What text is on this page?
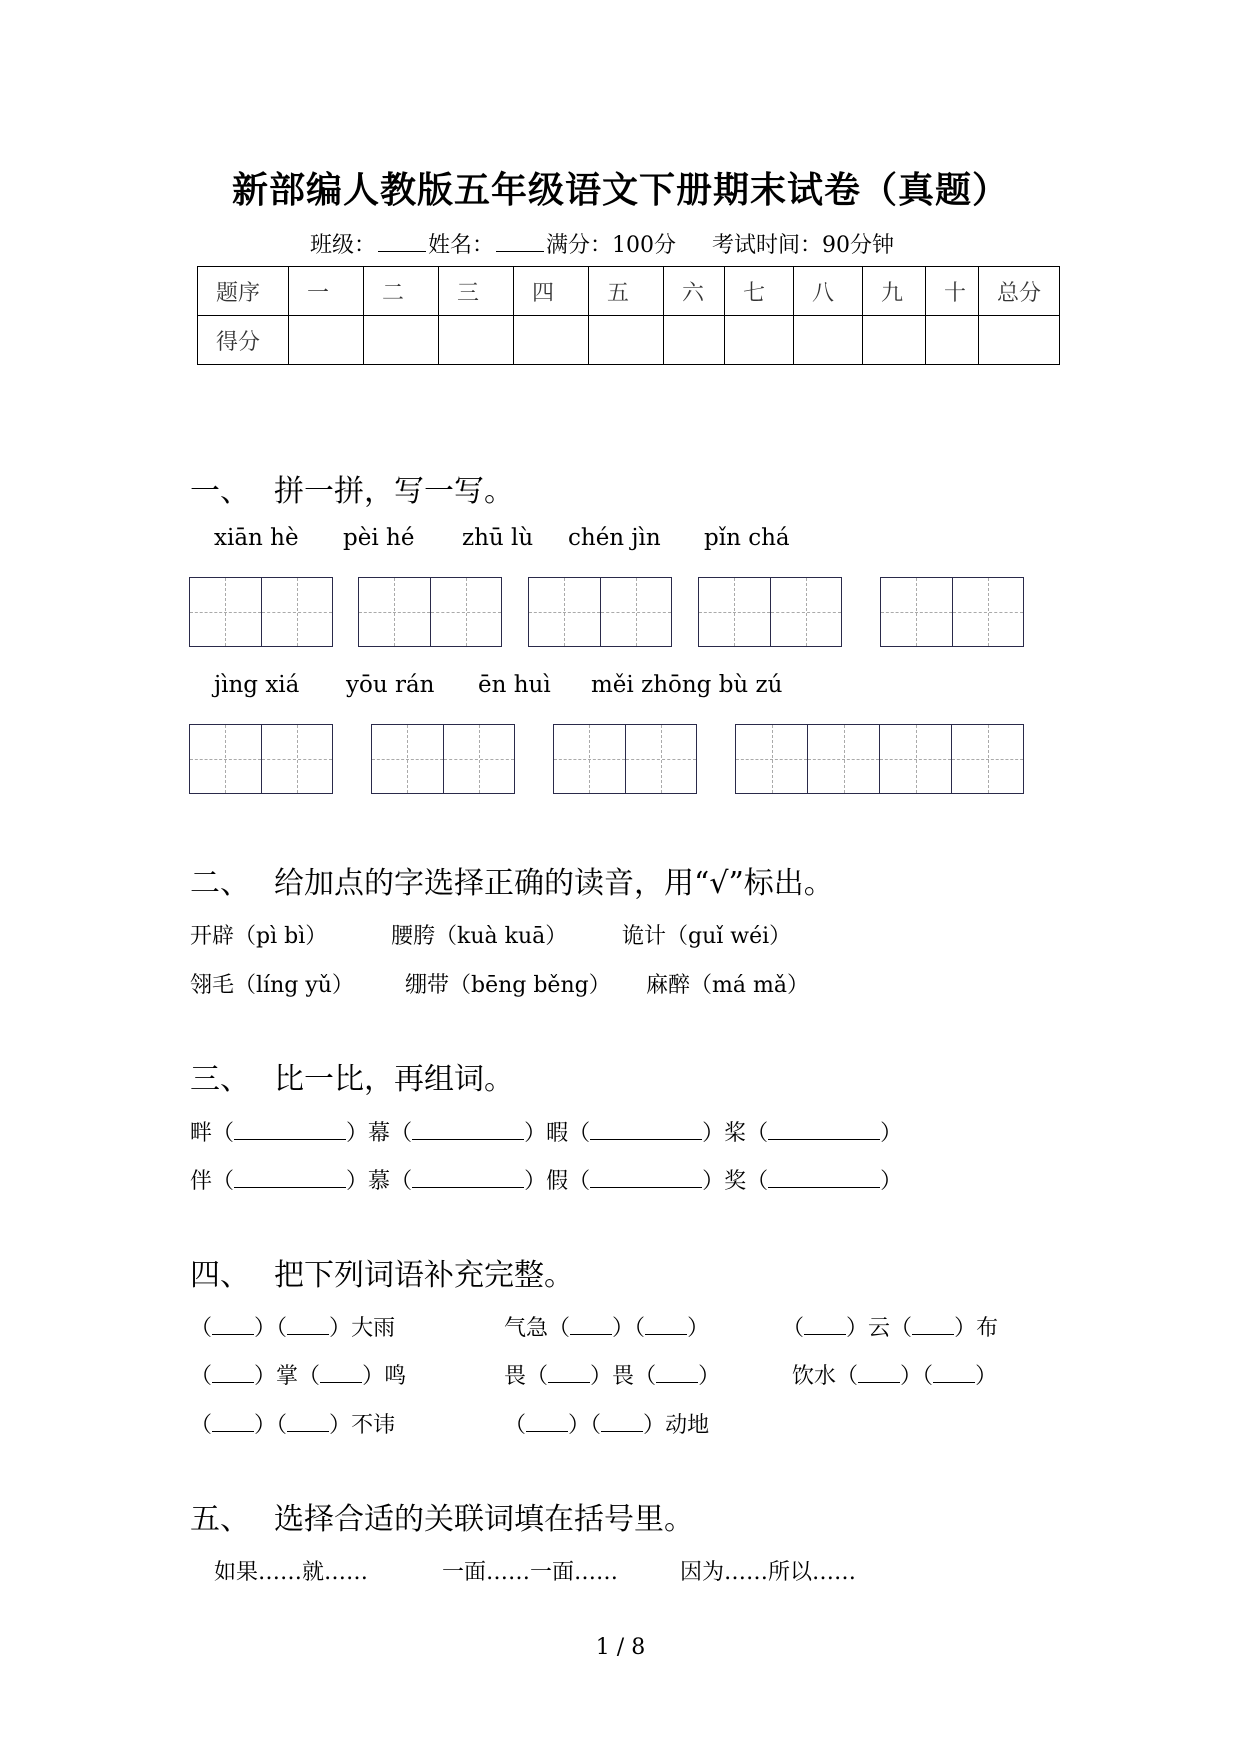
新部编人教版五年级语文下册期末试卷（真题）
班级： 姓名： 满分：100分 考试时间：90分钟
题序	一	二	三	四	五	六	七	八	九	十	总分
得分											
一、 拼一拼，写一写。
xiān hè pèi hé zhū lù chén jìn pǐn chá
jìng xiá yōu rán ēn huì měi zhōng bù zú
二、 给加点的字选择正确的读音，用“√”标出。
开辟（pì bì）	腰胯（kuà kuā） 诡计（guǐ wéi）
翎毛（líng yǔ） 绷带（bēng běng） 麻醉（má mǎ）
三、 比一比，再组词。
畔（	）幕（	）暇（	）桨（	）
伴（	）慕（	）假（	）奖（	）
四、 把下列词语补充完整。
（ ）（ ）大雨	气急（ ）（ ）	（ ）云（ ）布
（ ）掌（ ）鸣	畏（ ）畏（ ）	饮水（ ）（ ）
（ ）（ ）不讳	（ ）（ ）动地
五、 选择合适的关联词填在括号里。
如果……就……	一面……一面……	因为……所以……
1 / 8
